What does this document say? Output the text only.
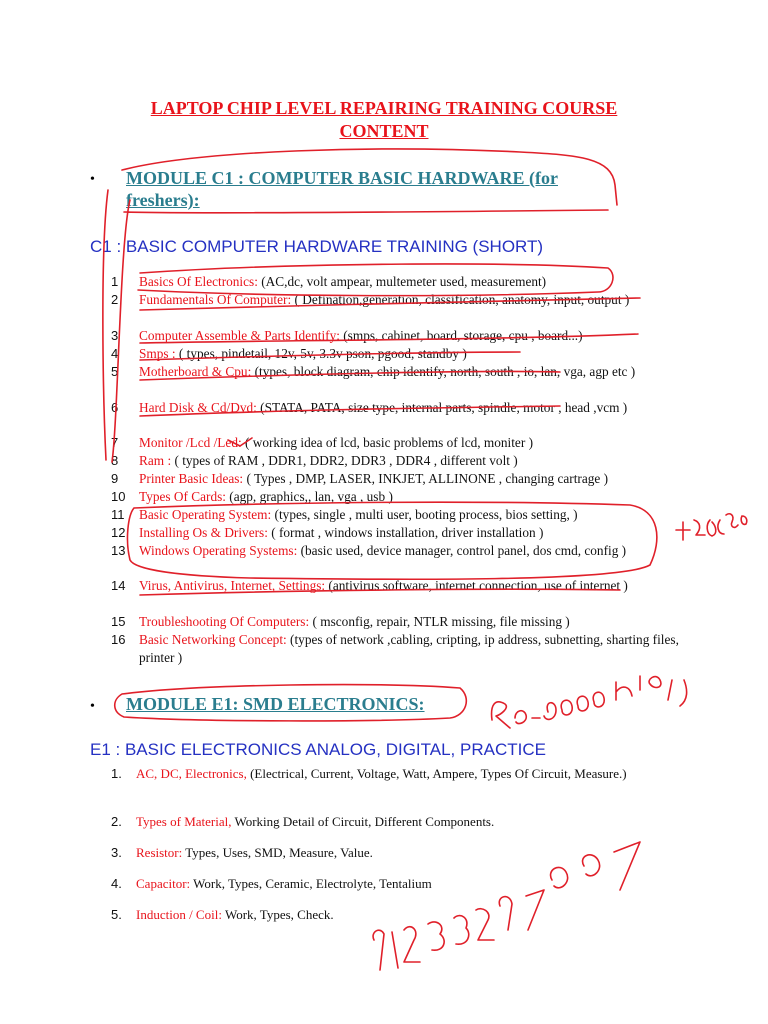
LAPTOP CHIP LEVEL REPAIRING TRAINING COURSE
CONTENT
• MODULE C1 : COMPUTER BASIC HARDWARE (for
freshers):
C1 : BASIC COMPUTER HARDWARE TRAINING (SHORT)
1	Basics Of Electronics: (AC,dc, volt ampear, multemeter used, measurement)
2	Fundamentals Of Computer: ( Defination,generation, classification, anatomy, input, output )
3	Computer Assemble & Parts Identify: (smps, cabinet, board, storage, cpu , board...)
4	Smps : ( types, pindetail, 12v, 5v, 3.3v pson, pgood, standby )
5	Motherboard & Cpu: (types, block diagram, chip identify, north, south , io, lan, vga, agp etc )
6	Hard Disk & Cd/Dvd: (STATA, PATA, size type, internal parts, spindle, motor , head ,vcm )
7	Monitor /Lcd /Led: ( working idea of lcd, basic problems of lcd, moniter )
8	Ram : ( types of RAM , DDR1, DDR2, DDR3 , DDR4 , different volt )
9	Printer Basic Ideas: ( Types , DMP, LASER, INKJET, ALLINONE , changing cartrage )
10	Types Of Cards: (agp, graphics,, lan, vga , usb )
11	Basic Operating System: (types, single , multi user, booting process, bios setting, )
12	Installing Os & Drivers: ( format , windows installation, driver installation )
13	Windows Operating Systems: (basic used, device manager, control panel, dos cmd, config )
14	Virus, Antivirus, Internet, Settings: (antivirus software, internet connection, use of internet )
15	Troubleshooting Of Computers: ( msconfig, repair, NTLR missing, file missing )
16	Basic Networking Concept: (types of network ,cabling, cripting, ip address, subnetting, sharting files, printer )
• MODULE E1: SMD ELECTRONICS:
E1 : BASIC ELECTRONICS ANALOG, DIGITAL, PRACTICE
1. AC, DC, Electronics, (Electrical, Current, Voltage, Watt, Ampere, Types Of Circuit, Measure.)
2. Types of Material, Working Detail of Circuit, Different Components.
3. Resistor: Types, Uses, SMD, Measure, Value.
4. Capacitor: Work, Types, Ceramic, Electrolyte, Tentalium
5. Induction / Coil: Work, Types, Check.
